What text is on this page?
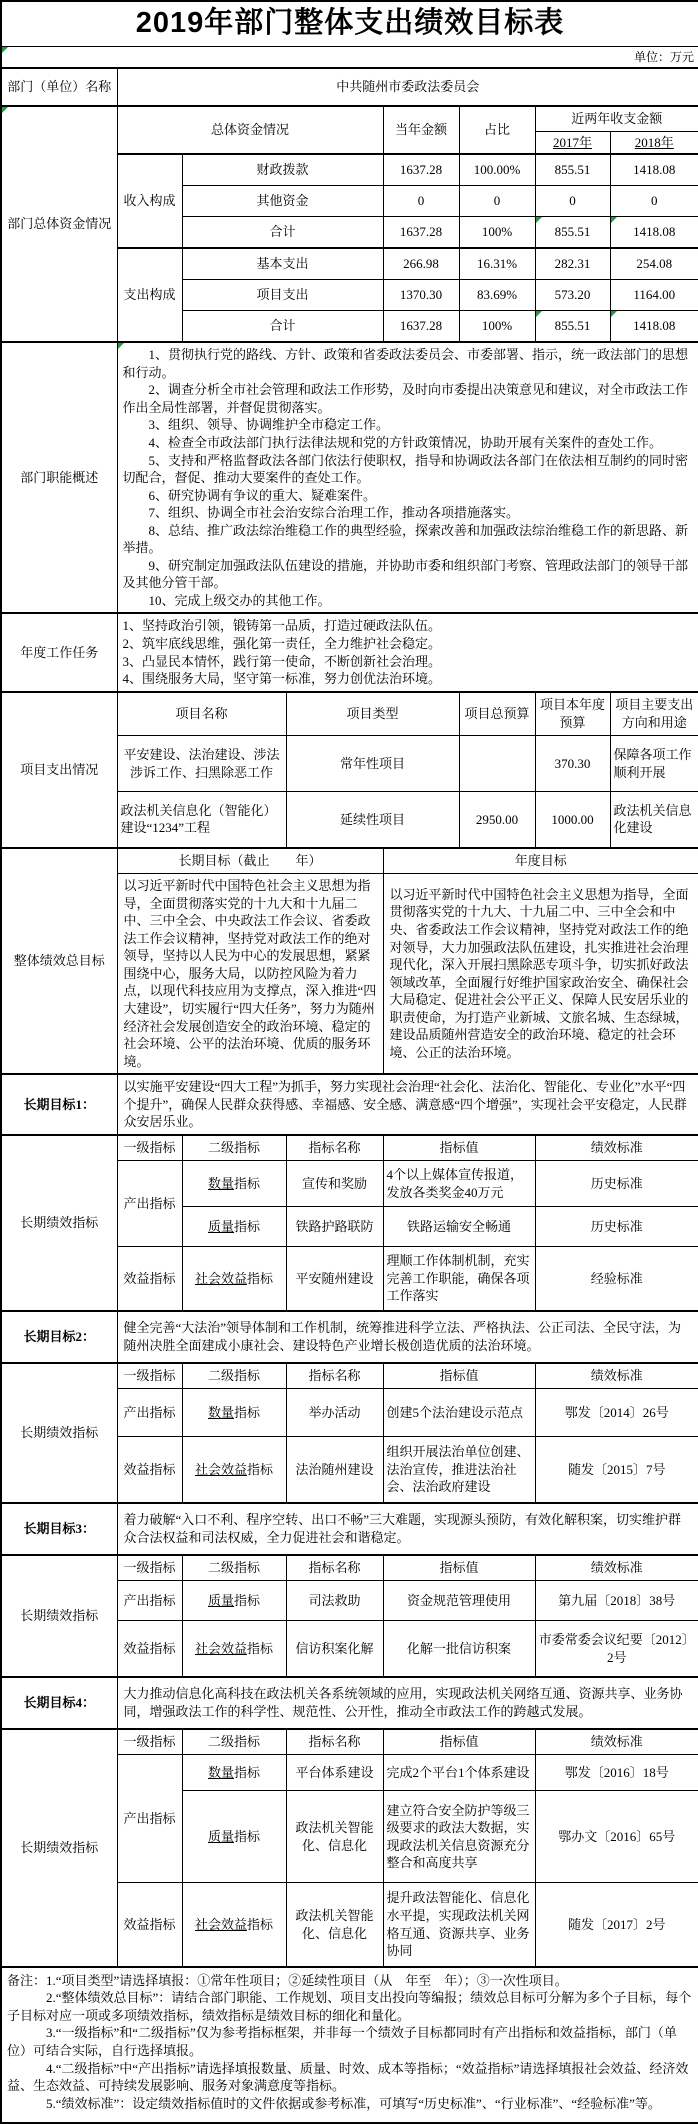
2019年部门整体支出绩效目标表							
单位：万元							
部门（单位）名称	中共随州市委政法委员会						
部门总体资金情况	总体资金情况			当年金额	占比	近两年收支金额	
						2017年	2018年
	收入构成	财政拨款		1637.28	100.00%	855.51	1418.08
		其他资金		0	0	0	0
		合计		1637.28	100%	855.51	1418.08
	支出构成	基本支出		266.98	16.31%	282.31	254.08
		项目支出		1370.30	83.69%	573.20	1164.00
		合计		1637.28	100%	855.51	1418.08
部门职能概述	

1、贯彻执行党的路线、方针、政策和省委政法委员会、市委部署、指示，统一政法部门的思想和行动。

2、调查分析全市社会管理和政法工作形势，及时向市委提出决策意见和建议，对全市政法工作作出全局性部署，并督促贯彻落实。

3、组织、领导、协调维护全市稳定工作。

4、检查全市政法部门执行法律法规和党的方针政策情况，协助开展有关案件的查处工作。

5、支持和严格监督政法各部门依法行使职权，指导和协调政法各部门在依法相互制约的同时密切配合，督促、推动大要案件的查处工作。

6、研究协调有争议的重大、疑难案件。

7、组织、协调全市社会治安综合治理工作，推动各项措施落实。

8、总结、推广政法综治维稳工作的典型经验，探索改善和加强政法综治维稳工作的新思路、新举措。

9、研究制定加强政法队伍建设的措施，并协助市委和组织部门考察、管理政法部门的领导干部及其他分管干部。

10、完成上级交办的其他工作。

年度工作任务	1、坚持政治引领，锻铸第一品质，打造过硬政法队伍。

2、筑牢底线思维，强化第一责任，全力维护社会稳定。

3、凸显民本情怀，践行第一使命，不断创新社会治理。

4、围绕服务大局，坚守第一标准，努力创优法治环境。						

项目支出情况	项目名称		项目类型		项目总预算	项目本年度预算	项目主要支出方向和用途
	平安建设、法治建设、涉法涉诉工作、扫黑除恶工作		常年性项目			370.30	保障各项工作顺利开展
	政法机关信息化（智能化）建设“1234”工程		延续性项目		2950.00	1000.00	政法机关信息化建设
整体绩效总目标	长期目标（截止　　年）			年度目标			
	以习近平新时代中国特色社会主义思想为指导，全面贯彻落实党的十九大和十九届二中、三中全会、中央政法工作会议、省委政法工作会议精神，坚持党对政法工作的绝对领导，坚持以人民为中心的发展思想，紧紧围绕中心，服务大局，以防控风险为着力点，以现代科技应用为支撑点，深入推进“四大建设”，切实履行“四大任务”，努力为随州经济社会发展创造安全的政治环境、稳定的社会环境、公平的法治环境、优质的服务环境。			以习近平新时代中国特色社会主义思想为指导，全面贯彻落实党的十九大、十九届二中、三中全会和中央、省委政法工作会议精神，坚持党对政法工作的绝对领导，大力加强政法队伍建设，扎实推进社会治理现代化，深入开展扫黑除恶专项斗争，切实抓好政法领域改革，全面履行好维护国家政治安全、确保社会大局稳定、促进社会公平正义、保障人民安居乐业的职责使命，为打造产业新城、文旅名城、生态绿城，建设品质随州营造安全的政治环境、稳定的社会环境、公正的法治环境。			
长期目标1：	以实施平安建设“四大工程”为抓手，努力实现社会治理“社会化、法治化、智能化、专业化”水平“四个提升”，确保人民群众获得感、幸福感、安全感、满意感“四个增强”，实现社会平安稳定，人民群众安居乐业。						
长期绩效指标	一级指标	二级指标	指标名称	指标值		绩效标准	
	产出指标	数量指标	宣传和奖励	4个以上媒体宣传报道，发放各类奖金40万元		历史标准	
		质量指标	铁路护路联防	铁路运输安全畅通		历史标准	
	效益指标	社会效益指标	平安随州建设	理顺工作体制机制，充实完善工作职能，确保各项工作落实		经验标准	
长期目标2：	健全完善“大法治”领导体制和工作机制，统筹推进科学立法、严格执法、公正司法、全民守法，为随州决胜全面建成小康社会、建设特色产业增长极创造优质的法治环境。						
长期绩效指标	一级指标	二级指标	指标名称	指标值		绩效标准	
	产出指标	数量指标	举办活动	创建5个法治建设示范点		鄂发〔2014〕26号	
	效益指标	社会效益指标	法治随州建设	组织开展法治单位创建、法治宣传，推进法治社会、法治政府建设		随发〔2015〕7号	
长期目标3：	着力破解“入口不利、程序空转、出口不畅”三大难题，实现源头预防，有效化解积案，切实维护群众合法权益和司法权威，全力促进社会和谐稳定。						
长期绩效指标	一级指标	二级指标	指标名称	指标值		绩效标准	
	产出指标	质量指标	司法救助	资金规范管理使用		第九届〔2018〕38号	
	效益指标	社会效益指标	信访积案化解	化解一批信访积案		市委常委会议纪要〔2012〕2号	
长期目标4：	大力推动信息化高科技在政法机关各系统领域的应用，实现政法机关网络互通、资源共享、业务协同，增强政法工作的科学性、规范性、公开性，推动全市政法工作的跨越式发展。						
长期绩效指标	一级指标	二级指标	指标名称	指标值		绩效标准	
	产出指标	数量指标	平台体系建设	完成2个平台1个体系建设		鄂发〔2016〕18号	
		质量指标	政法机关智能化、信息化	建立符合安全防护等级三级要求的政法大数据，实现政法机关信息资源充分整合和高度共享		鄂办文〔2016〕65号	
	效益指标	社会效益指标	政法机关智能化、信息化	提升政法智能化、信息化水平提，实现政法机关网格互通、资源共享、业务协同		随发〔2017〕2号	

备注：1.“项目类型”请选择填报：①常年性项目；②延续性项目（从　年至　年）；③一次性项目。

2.“整体绩效总目标”：请结合部门职能、工作规划、项目支出投向等编报；绩效总目标可分解为多个子目标，每个子目标对应一项或多项绩效指标，绩效指标是绩效目标的细化和量化。

3.“一级指标”和“二级指标”仅为参考指标框架，并非每一个绩效子目标都同时有产出指标和效益指标，部门（单位）可结合实际，自行选择填报。

4.“二级指标”中“产出指标”请选择填报数量、质量、时效、成本等指标；“效益指标”请选择填报社会效益、经济效益、生态效益、可持续发展影响、服务对象满意度等指标。

5.“绩效标准”：设定绩效指标值时的文件依据或参考标准，可填写“历史标准”、“行业标准”、“经验标准”等。							
